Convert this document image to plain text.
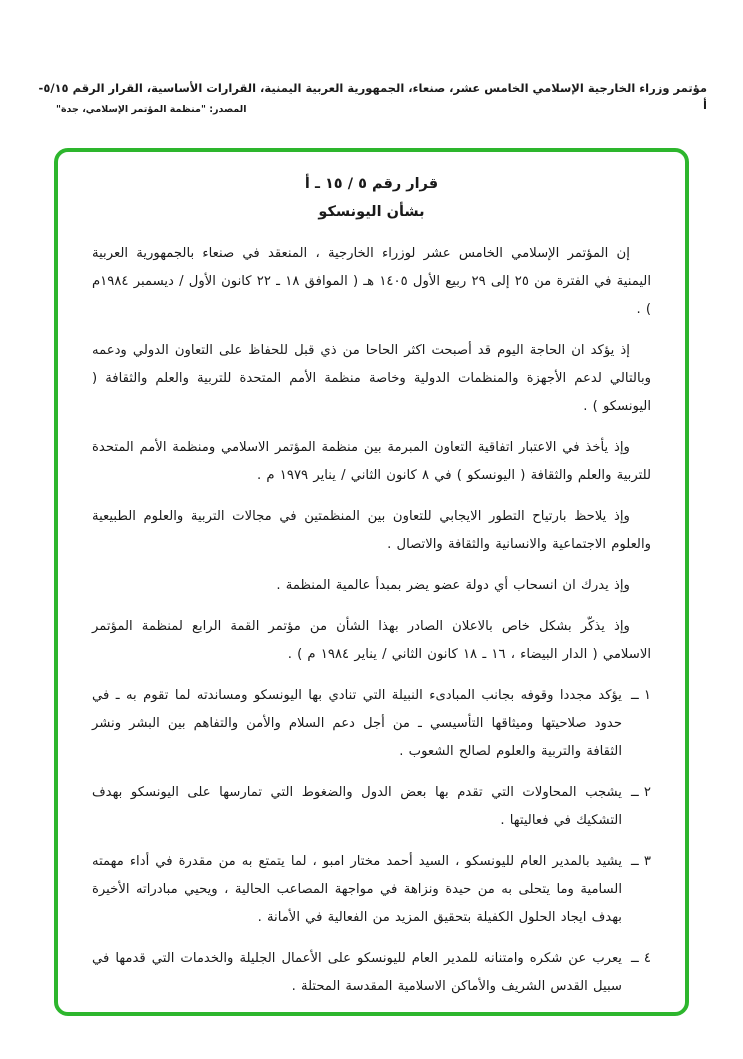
مؤتمر وزراء الخارجية الإسلامي الخامس عشر، صنعاء، الجمهورية العربية اليمنية، القرارات الأساسية، القرار الرقم ٥/١٥-أ
المصدر: "منظمة المؤتمر الإسلامي، جدة"
قرار رقم ٥ / ١٥ ـ أ
بشأن اليونسكو

إن المؤتمر الإسلامي الخامس عشر لوزراء الخارجية ، المنعقد في صنعاء بالجمهورية العربية اليمنية في الفترة من ٢٥ إلى ٢٩ ربيع الأول ١٤٠٥ هـ ( الموافق ١٨ ـ ٢٢ كانون الأول / ديسمبر ١٩٨٤م ) .

إذ يؤكد ان الحاجة اليوم قد أصبحت اكثر الحاحا من ذي قبل للحفاظ على التعاون الدولي ودعمه وبالتالي لدعم الأجهزة والمنظمات الدولية وخاصة منظمة الأمم المتحدة للتربية والعلم والثقافة ( اليونسكو ) .

وإذ يأخذ في الاعتبار اتفاقية التعاون المبرمة بين منظمة المؤتمر الاسلامي ومنظمة الأمم المتحدة للتربية والعلم والثقافة ( اليونسكو ) في ٨ كانون الثاني / يناير ١٩٧٩ م .

وإذ يلاحظ بارتياح التطور الايجابي للتعاون بين المنظمتين في مجالات التربية والعلوم الطبيعية والعلوم الاجتماعية والانسانية والثقافة والاتصال .

وإذ يدرك ان انسحاب أي دولة عضو يضر بمبدأ عالمية المنظمة .

وإذ يذكّر بشكل خاص بالاعلان الصادر بهذا الشأن من مؤتمر القمة الرابع لمنظمة المؤتمر الاسلامي ( الدار البيضاء ، ١٦ ـ ١٨ كانون الثاني / يناير ١٩٨٤ م ) .

١ ــ
يؤكد مجددا وقوفه بجانب المبادىء النبيلة التي تنادي بها اليونسكو ومساندته لما تقوم به ـ في حدود صلاحيتها وميثاقها التأسيسي ـ من أجل دعم السلام والأمن والتفاهم بين البشر ونشر الثقافة والتربية والعلوم لصالح الشعوب .
٢ ــ
يشجب المحاولات التي تقدم بها بعض الدول والضغوط التي تمارسها على اليونسكو بهدف التشكيك في فعاليتها .
٣ ــ
يشيد بالمدير العام لليونسكو ، السيد أحمد مختار امبو ، لما يتمتع به من مقدرة في أداء مهمته السامية وما يتحلى به من حيدة ونزاهة في مواجهة المصاعب الحالية ، ويحيي مبادراته الأخيرة بهدف ايجاد الحلول الكفيلة بتحقيق المزيد من الفعالية في الأمانة .
٤ ــ
يعرب عن شكره وامتنانه للمدير العام لليونسكو على الأعمال الجليلة والخدمات التي قدمها في سبيل القدس الشريف والأماكن الاسلامية المقدسة المحتلة .
